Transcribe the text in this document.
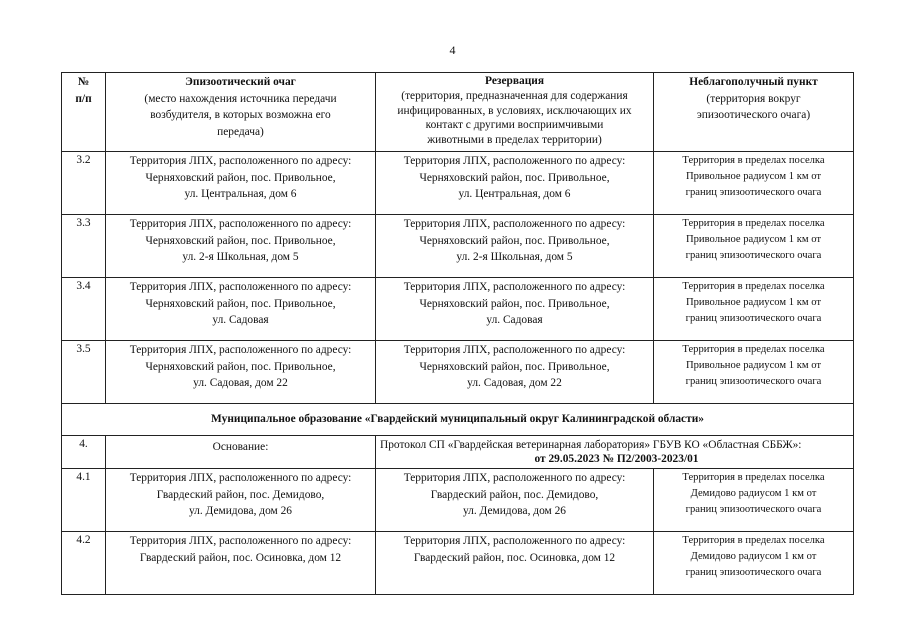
4
№
п/п	Эпизоотический очаг
(место нахождения источника передачи
возбудителя, в которых возможна его
передача)	Резервация
(территория, предназначенная для содержания
инфицированных, в условиях, исключающих их
контакт с другими восприимчивыми
животными в пределах территории)	Неблагополучный пункт
(территория вокруг
эпизоотического очага)

3.2	Территория ЛПХ, расположенного по адресу:
Черняховский район, пос. Привольное,
ул. Центральная, дом 6	Территория ЛПХ, расположенного по адресу:
Черняховский район, пос. Привольное,
ул. Центральная, дом 6	Территория в пределах поселка
Привольное радиусом 1 км от
границ эпизоотического очага

3.3	Территория ЛПХ, расположенного по адресу:
Черняховский район, пос. Привольное,
ул. 2-я Школьная, дом 5	Территория ЛПХ, расположенного по адресу:
Черняховский район, пос. Привольное,
ул. 2-я Школьная, дом 5	Территория в пределах поселка
Привольное радиусом 1 км от
границ эпизоотического очага

3.4	Территория ЛПХ, расположенного по адресу:
Черняховский район, пос. Привольное,
ул. Садовая	Территория ЛПХ, расположенного по адресу:
Черняховский район, пос. Привольное,
ул. Садовая	Территория в пределах поселка
Привольное радиусом 1 км от
границ эпизоотического очага

3.5	Территория ЛПХ, расположенного по адресу:
Черняховский район, пос. Привольное,
ул. Садовая, дом 22	Территория ЛПХ, расположенного по адресу:
Черняховский район, пос. Привольное,
ул. Садовая, дом 22	Территория в пределах поселка
Привольное радиусом 1 км от
границ эпизоотического очага

Муниципальное образование «Гвардейский муниципальный округ Калининградской области»			
4.	Основание:	Протокол СП «Гвардейская ветеринарная лаборатория» ГБУВ КО «Областная СББЖ»:
от 29.05.2023 № П2/2003-2023/01	

4.1	Территория ЛПХ, расположенного по адресу:
Гвардеский район, пос. Демидово,
ул. Демидова, дом 26	Территория ЛПХ, расположенного по адресу:
Гвардеский район, пос. Демидово,
ул. Демидова, дом 26	Территория в пределах поселка
Демидово радиусом 1 км от
границ эпизоотического очага

4.2	Территория ЛПХ, расположенного по адресу:
Гвардеский район, пос. Осиновка, дом 12	Территория ЛПХ, расположенного по адресу:
Гвардеский район, пос. Осиновка, дом 12	Территория в пределах поселка
Демидово радиусом 1 км от
границ эпизоотического очага
